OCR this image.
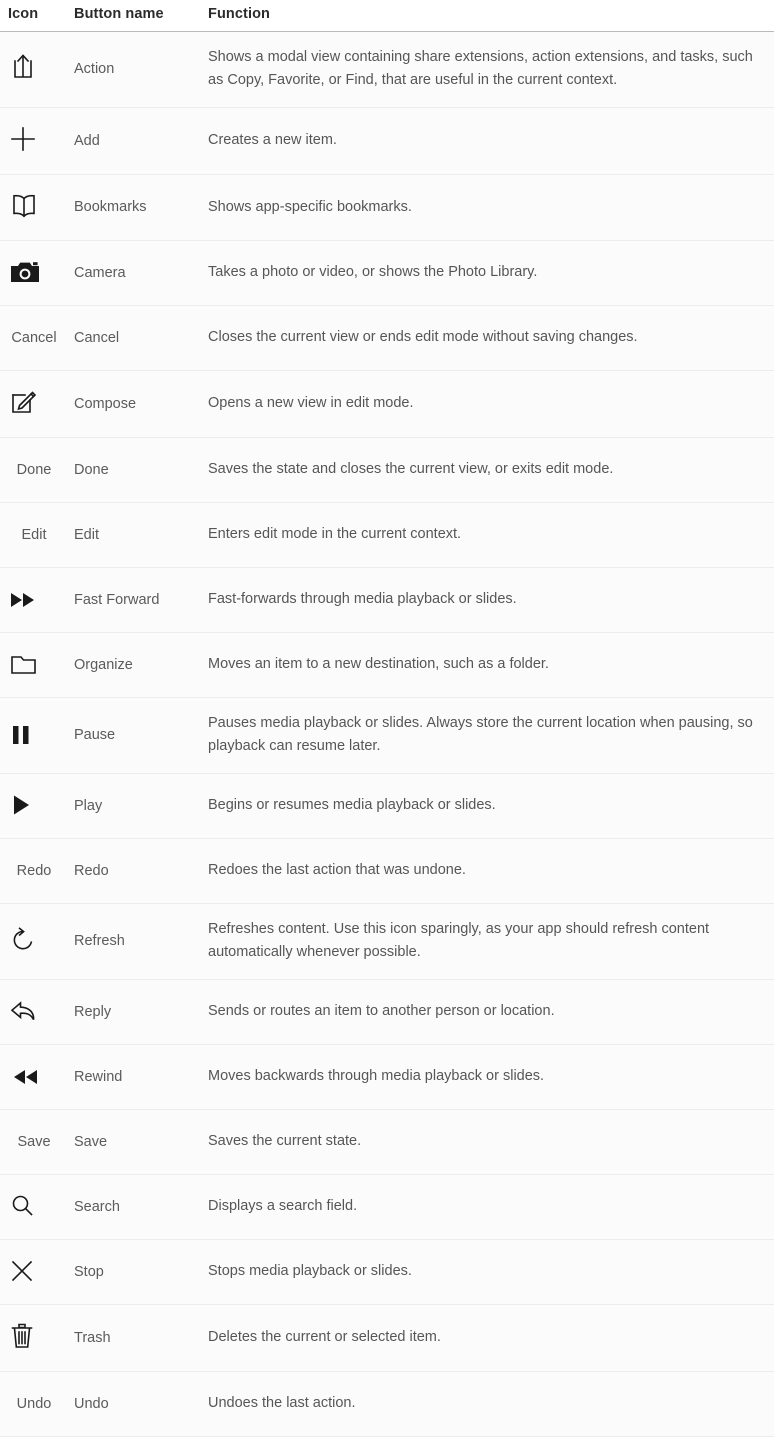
Icon	Button name	Function

	Action	Shows a modal view containing share extensions, action extensions, and tasks, such as Copy, Favorite, or Find, that are useful in the current context.

	Add	Creates a new item.

	Bookmarks	Shows app-specific bookmarks.

	Camera	Takes a photo or video, or shows the Photo Library.
Cancel	Cancel	Closes the current view or ends edit mode without saving changes.

	Compose	Opens a new view in edit mode.
Done	Done	Saves the state and closes the current view, or exits edit mode.
Edit	Edit	Enters edit mode in the current context.

	Fast Forward	Fast-forwards through media playback or slides.

	Organize	Moves an item to a new destination, such as a folder.

	Pause	Pauses media playback or slides. Always store the current location when pausing, so playback can resume later.

	Play	Begins or resumes media playback or slides.
Redo	Redo	Redoes the last action that was undone.

	Refresh	Refreshes content. Use this icon sparingly, as your app should refresh content automatically whenever possible.

	Reply	Sends or routes an item to another person or location.

	Rewind	Moves backwards through media playback or slides.
Save	Save	Saves the current state.

	Search	Displays a search field.

	Stop	Stops media playback or slides.

	Trash	Deletes the current or selected item.
Undo	Undo	Undoes the last action.
